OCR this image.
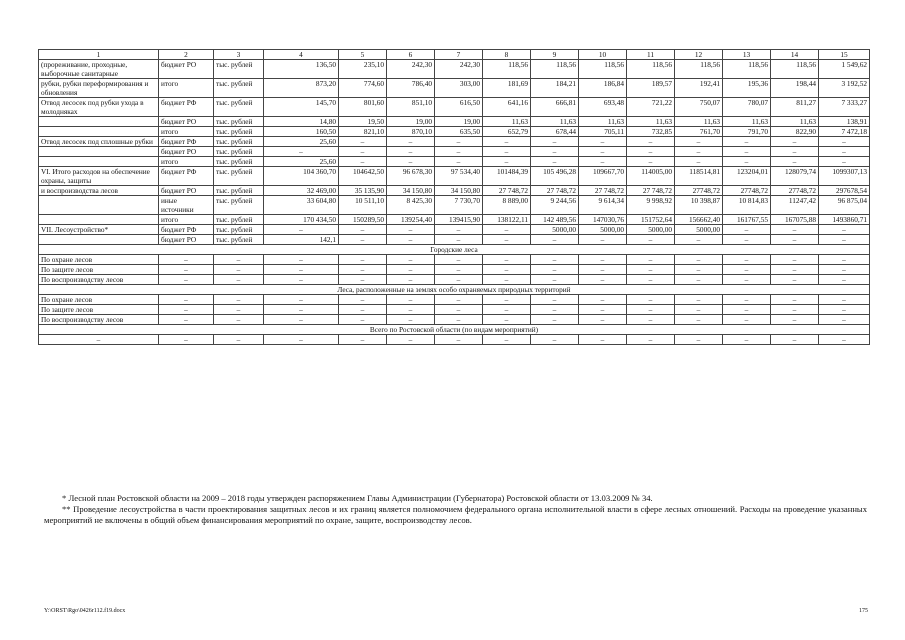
1	2	3	4	5	6	7	8	9	10	11	12	13	14	15
(прореживание, проходные, выборочные санитарные	бюджет РО	тыс. рублей	136,50	235,10	242,30	242,30	118,56	118,56	118,56	118,56	118,56	118,56	118,56	1 549,62
рубки, рубки переформирования и обновления	итого	тыс. рублей	873,20	774,60	786,40	303,00	181,69	184,21	186,84	189,57	192,41	195,36	198,44	3 192,52
Отвод лесосек под рубки ухода в молодняках	бюджет РФ	тыс. рублей	145,70	801,60	851,10	616,50	641,16	666,81	693,48	721,22	750,07	780,07	811,27	7 333,27
	бюджет РО	тыс. рублей	14,80	19,50	19,00	19,00	11,63	11,63	11,63	11,63	11,63	11,63	11,63	138,91
	итого	тыс. рублей	160,50	821,10	870,10	635,50	652,79	678,44	705,11	732,85	761,70	791,70	822,90	7 472,18
Отвод лесосек под сплошные рубки	бюджет РФ	тыс. рублей	25,60	–	–	–	–	–	–	–	–	–	–	–
	бюджет РО	тыс. рублей	–	–	–	–	–	–	–	–	–	–	–	–
	итого	тыс. рублей	25,60	–	–	–	–	–	–	–	–	–	–	–
VI. Итого расходов на обеспечение охраны, защиты	бюджет РФ	тыс. рублей	104 360,70	104642,50	96 678,30	97 534,40	101484,39	105 496,28	109667,70	114005,00	118514,81	123204,01	128079,74	1099307,13
и воспроизводства лесов	бюджет РО	тыс. рублей	32 469,00	35 135,90	34 150,80	34 150,80	27 748,72	27 748,72	27 748,72	27 748,72	27748,72	27748,72	27748,72	297678,54
	иные источники	тыс. рублей	33 604,80	10 511,10	8 425,30	7 730,70	8 889,00	9 244,56	9 614,34	9 998,92	10 398,87	10 814,83	11247,42	96 875,04
	итого	тыс. рублей	170 434,50	150289,50	139254,40	139415,90	138122,11	142 489,56	147030,76	151752,64	156662,40	161767,55	167075,88	1493860,71
VII. Лесоустройство*	бюджет РФ	тыс. рублей	–	–	–	–	–	5000,00	5000,00	5000,00	5000,00	–	–	–
	бюджет РО	тыс. рублей	142,1	–	–	–	–	–	–	–	–	–	–	–
Городские леса														
По охране лесов	–	–	–	–	–	–	–	–	–	–	–	–	–	–
По защите лесов	–	–	–	–	–	–	–	–	–	–	–	–	–	–
По воспроизводству лесов	–	–	–	–	–	–	–	–	–	–	–	–	–	–
Леса, расположенные на землях особо охраняемых природных территорий														
По охране лесов	–	–	–	–	–	–	–	–	–	–	–	–	–	–
По защите лесов	–	–	–	–	–	–	–	–	–	–	–	–	–	–
По воспроизводству лесов	–	–	–	–	–	–	–	–	–	–	–	–	–	–
Всего по Ростовской области (по видам мероприятий)														
–	–	–	–	–	–	–	–	–	–	–	–	–	–	–

* Лесной план Ростовской области на 2009 – 2018 годы утвержден распоряжением Главы Администрации (Губернатора) Ростовской области от 13.03.2009 № 34.

** Проведение лесоустройства в части проектирования защитных лесов и их границ является полномочием федерального органа исполнительной власти в сфере лесных отношений. Расходы на проведение указанных мероприятий не включены в общий объем финансирования мероприятий по охране, защите, воспроизводству лесов.

Y:\ORST\Rgo\0426r112.f19.docx	175
